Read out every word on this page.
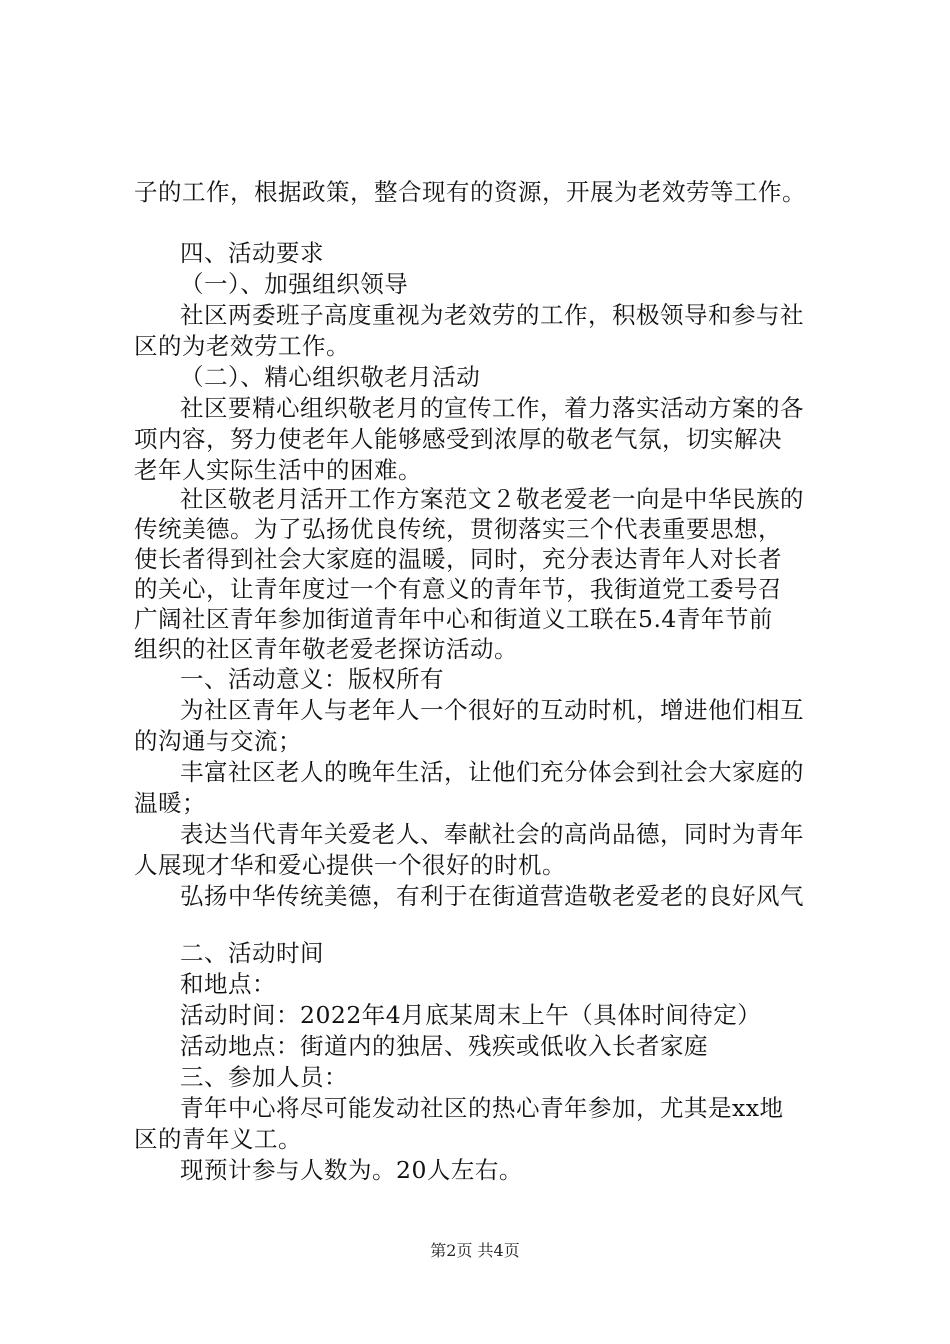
子的工作，根据政策，整合现有的资源，开展为老效劳等工作。
四、活动要求
（一）、加强组织领导
社区两委班子高度重视为老效劳的工作，积极领导和参与社
区的为老效劳工作。
（二）、精心组织敬老月活动
社区要精心组织敬老月的宣传工作，着力落实活动方案的各
项内容，努力使老年人能够感受到浓厚的敬老气氛，切实解决
老年人实际生活中的困难。
社区敬老月活开工作方案范文２敬老爱老一向是中华民族的
传统美德。为了弘扬优良传统，贯彻落实三个代表重要思想，
使长者得到社会大家庭的温暖，同时，充分表达青年人对长者
的关心，让青年度过一个有意义的青年节，我街道党工委号召
广阔社区青年参加街道青年中心和街道义工联在5.4青年节前
组织的社区青年敬老爱老探访活动。
一、活动意义：版权所有
为社区青年人与老年人一个很好的互动时机，增进他们相互
的沟通与交流；
丰富社区老人的晚年生活，让他们充分体会到社会大家庭的
温暖；
表达当代青年关爱老人、奉献社会的高尚品德，同时为青年
人展现才华和爱心提供一个很好的时机。
弘扬中华传统美德，有利于在街道营造敬老爱老的良好风气
二、活动时间
和地点：
活动时间：2022年4月底某周末上午（具体时间待定）
活动地点：街道内的独居、残疾或低收入长者家庭
三、参加人员：
青年中心将尽可能发动社区的热心青年参加，尤其是xx地
区的青年义工。
现预计参与人数为。20人左右。
第2页 共4页
